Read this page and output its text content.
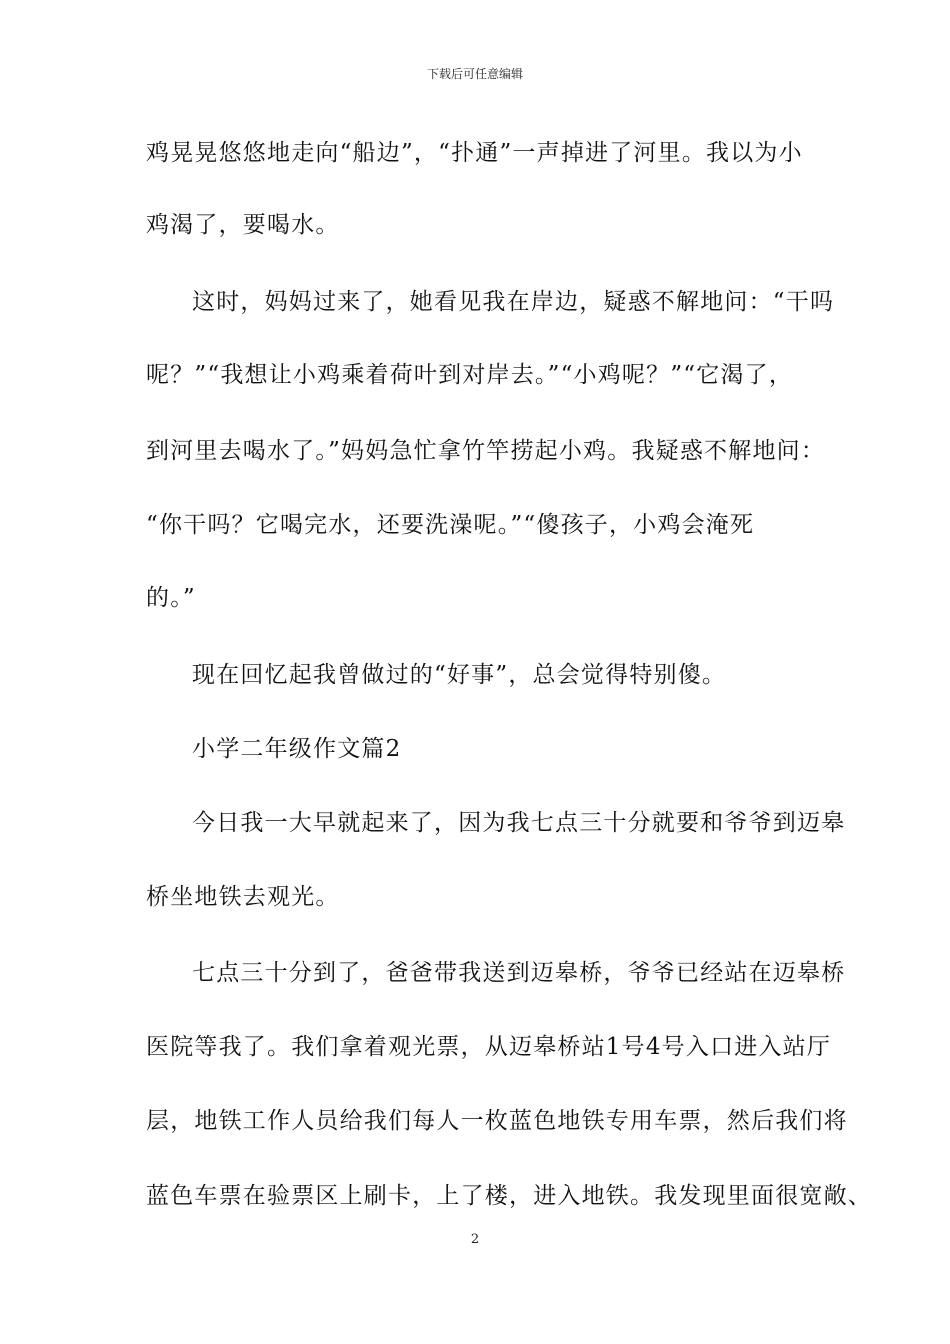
下载后可任意编辑
鸡晃晃悠悠地走向“船边”，“扑通”一声掉进了河里。我以为小
鸡渴了，要喝水。
这时，妈妈过来了，她看见我在岸边，疑惑不解地问：“干吗
呢？”“我想让小鸡乘着荷叶到对岸去。”“小鸡呢？”“它渴了，
到河里去喝水了。”妈妈急忙拿竹竿捞起小鸡。我疑惑不解地问：
“你干吗？它喝完水，还要洗澡呢。”“傻孩子，小鸡会淹死
的。”
现在回忆起我曾做过的“好事”，总会觉得特别傻。
小学二年级作文篇2
今日我一大早就起来了，因为我七点三十分就要和爷爷到迈皋
桥坐地铁去观光。
七点三十分到了，爸爸带我送到迈皋桥，爷爷已经站在迈皋桥
医院等我了。我们拿着观光票，从迈皋桥站1号4号入口进入站厅
层，地铁工作人员给我们每人一枚蓝色地铁专用车票，然后我们将
蓝色车票在验票区上刷卡，上了楼，进入地铁。我发现里面很宽敞、
2
